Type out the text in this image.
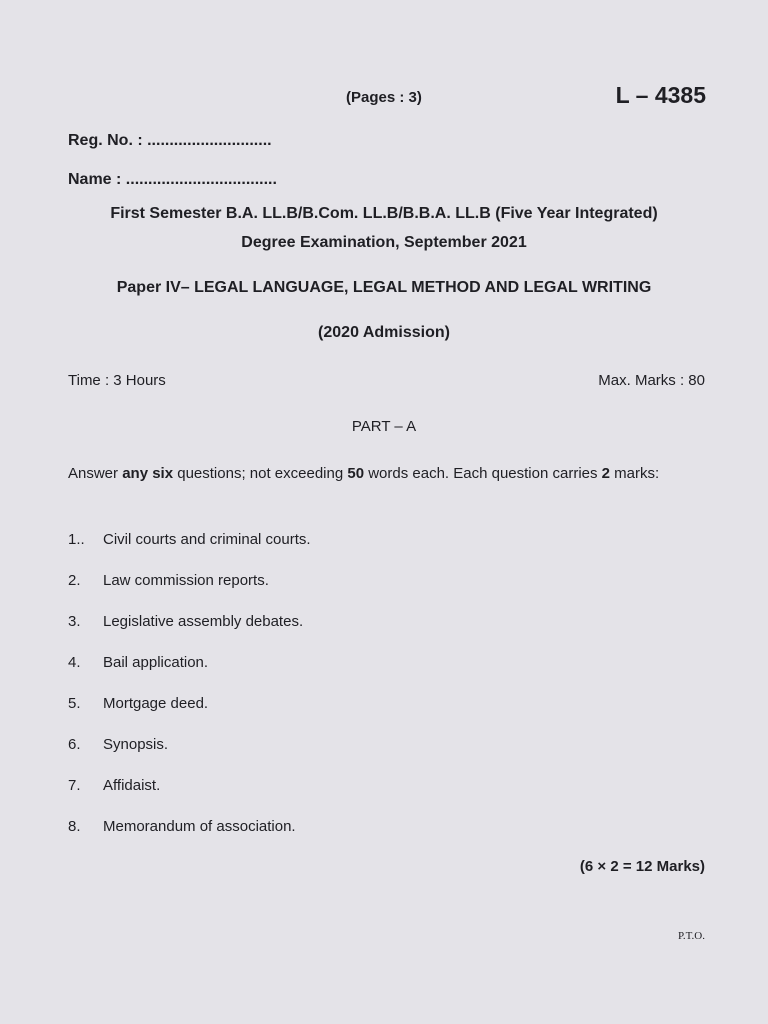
(Pages : 3)	L – 4385
Reg. No. : ............................
Name : ..................................
First Semester B.A. LL.B/B.Com. LL.B/B.B.A. LL.B (Five Year Integrated)
Degree Examination, September 2021
Paper IV– LEGAL LANGUAGE, LEGAL METHOD AND LEGAL WRITING
(2020 Admission)
Time : 3 Hours	Max. Marks : 80
PART – A
Answer any six questions; not exceeding 50 words each. Each question carries 2 marks:
1..	Civil courts and criminal courts.
2.	Law commission reports.
3.	Legislative assembly debates.
4.	Bail application.
5.	Mortgage deed.
6.	Synopsis.
7.	Affidaist.
8.	Memorandum of association.
(6 × 2 = 12 Marks)
P.T.O.
